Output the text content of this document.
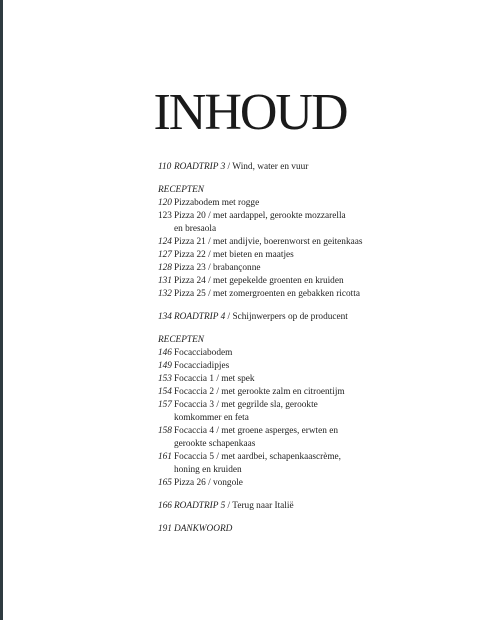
INHOUD
110 ROADTRIP 3 / Wind, water en vuur
RECEPTEN
120 Pizzabodem met rogge
123 Pizza 20 / met aardappel, gerookte mozzarella
en bresaola
124 Pizza 21 / met andijvie, boerenworst en geitenkaas
127 Pizza 22 / met bieten en maatjes
128 Pizza 23 / brabançonne
131 Pizza 24 / met gepekelde groenten en kruiden
132 Pizza 25 / met zomergroenten en gebakken ricotta
134 ROADTRIP 4 / Schijnwerpers op de producent
RECEPTEN
146 Focacciabodem
149 Focacciadipjes
153 Focaccia 1 / met spek
154 Focaccia 2 / met gerookte zalm en citroentijm
157 Focaccia 3 / met gegrilde sla, gerookte
komkommer en feta
158 Focaccia 4 / met groene asperges, erwten en
gerookte schapenkaas
161 Focaccia 5 / met aardbei, schapenkaascrème,
honing en kruiden
165 Pizza 26 / vongole
166 ROADTRIP 5 / Terug naar Italië
191 DANKWOORD
